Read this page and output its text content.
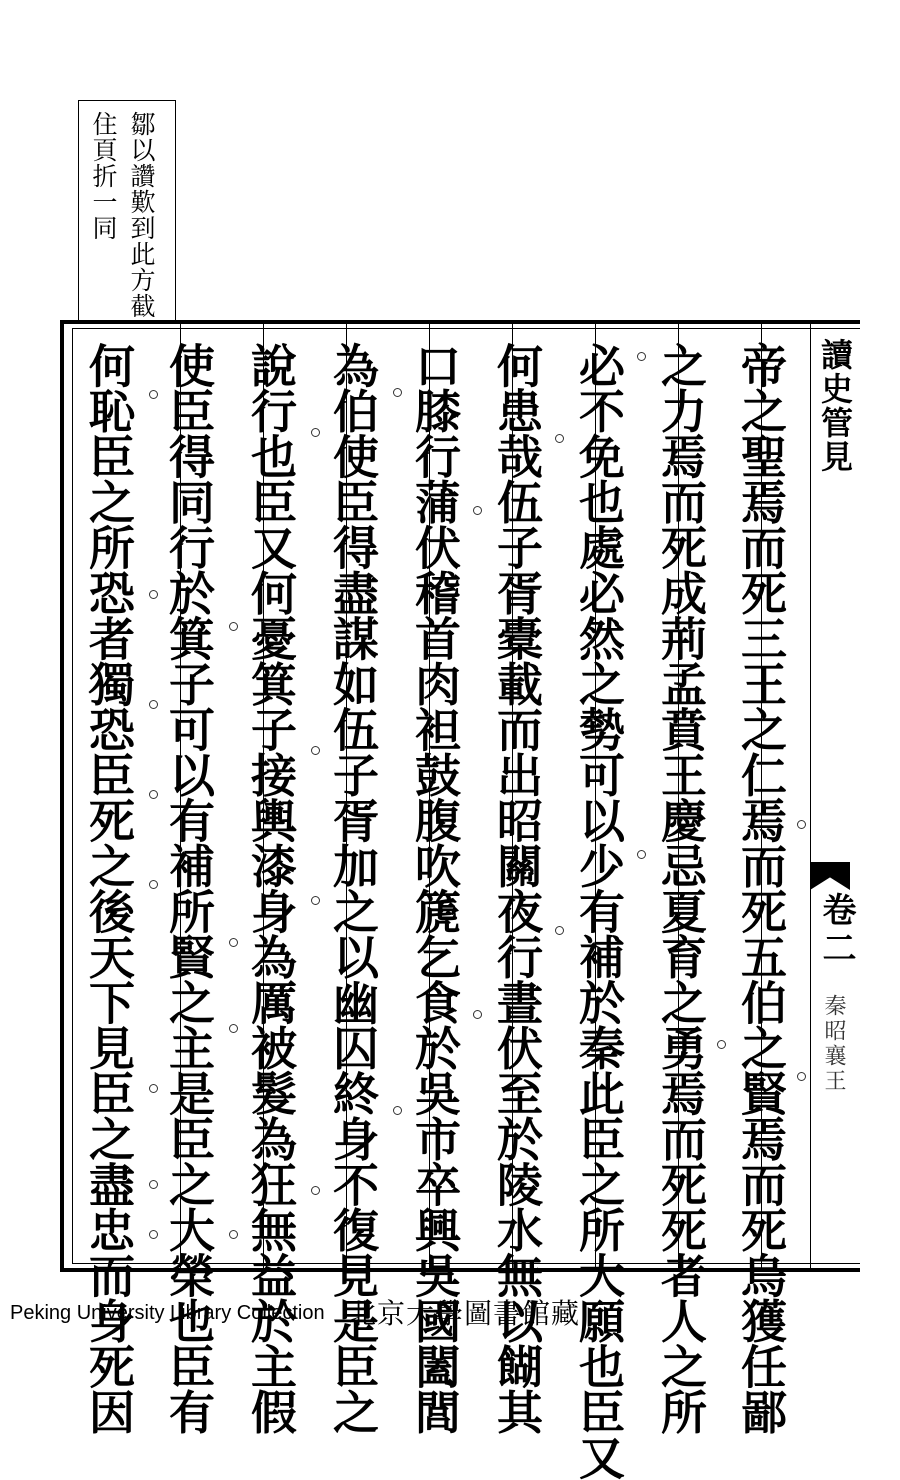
鄒以讚歎到此方截
住頁折一同
讀史管見
卷二
秦昭襄王
帝之聖焉而死三王之仁焉而死五伯之賢焉而死烏獲任鄙
之力焉而死成荊孟賁王慶忌夏育之勇焉而死死者人之所
必不免也處必然之勢可以少有補於秦此臣之所大願也臣又
何患哉伍子胥橐載而出昭關夜行晝伏至於陵水無以餬其
口膝行蒲伏稽首肉袒鼓腹吹篪乞食於吳市卒興吳國闔閭
為伯使臣得盡謀如伍子胥加之以幽囚終身不復見是臣之
說行也臣又何憂箕子接輿漆身為厲被髮為狂無益於主假
使臣得同行於箕子可以有補所賢之主是臣之大榮也臣有
何恥臣之所恐者獨恐臣死之後天下見臣之盡忠而身死因
Peking University Library Collection 北京大學圖書館藏
